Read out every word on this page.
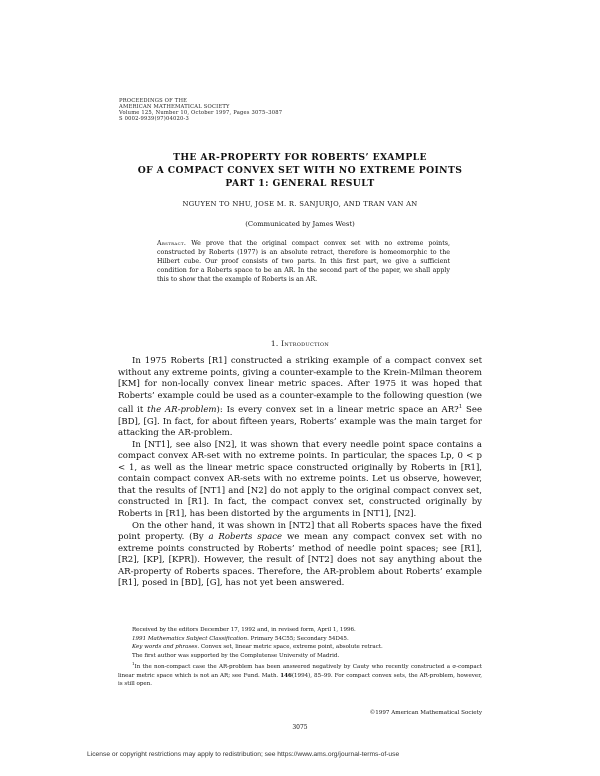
PROCEEDINGS OF THE
AMERICAN MATHEMATICAL SOCIETY
Volume 125, Number 10, October 1997, Pages 3075–3087
S 0002-9939(97)04020-3
THE AR-PROPERTY FOR ROBERTS’ EXAMPLE
OF A COMPACT CONVEX SET WITH NO EXTREME POINTS
PART 1: GENERAL RESULT
NGUYEN TO NHU, JOSE M. R. SANJURJO, AND TRAN VAN AN
(Communicated by James West)
Abstract. We prove that the original compact convex set with no extreme points, constructed by Roberts (1977) is an absolute retract, therefore is homeomorphic to the Hilbert cube. Our proof consists of two parts. In this first part, we give a sufficient condition for a Roberts space to be an AR. In the second part of the paper, we shall apply this to show that the example of Roberts is an AR.
1. Introduction

In 1975 Roberts [R1] constructed a striking example of a compact convex set without any extreme points, giving a counter-example to the Krein-Milman theorem [KM] for non-locally convex linear metric spaces. After 1975 it was hoped that Roberts’ example could be used as a counter-example to the following question (we call it the AR-problem): Is every convex set in a linear metric space an AR?$^1$ See [BD], [G]. In fact, for about fifteen years, Roberts’ example was the main target for attacking the AR-problem.

In [NT1], see also [N2], it was shown that every needle point space contains a compact convex AR-set with no extreme points. In particular, the spaces Lp, 0 < p < 1, as well as the linear metric space constructed originally by Roberts in [R1], contain compact convex AR-sets with no extreme points. Let us observe, however, that the results of [NT1] and [N2] do not apply to the original compact convex set, constructed in [R1]. In fact, the compact convex set, constructed originally by Roberts in [R1], has been distorted by the arguments in [NT1], [N2].

On the other hand, it was shown in [NT2] that all Roberts spaces have the fixed point property. (By a Roberts space we mean any compact convex set with no extreme points constructed by Roberts’ method of needle point spaces; see [R1], [R2], [KP], [KPR]). However, the result of [NT2] does not say anything about the AR-property of Roberts spaces. Therefore, the AR-problem about Roberts’ example [R1], posed in [BD], [G], has not yet been answered.

Received by the editors December 17, 1992 and, in revised form, April 1, 1996.

1991 Mathematics Subject Classification. Primary 54C55; Secondary 54D45.

Key words and phrases. Convex set, linear metric space, extreme point, absolute retract.

The first author was supported by the Complutense University of Madrid.

$^1$In the non-compact case the AR-problem has been answered negatively by Cauty who recently constructed a σ-compact linear metric space which is not an AR; see Fund. Math. 146(1994), 85–99. For compact convex sets, the AR-problem, however, is still open.

©1997 American Mathematical Society
3075
License or copyright restrictions may apply to redistribution; see https://www.ams.org/journal-terms-of-use
